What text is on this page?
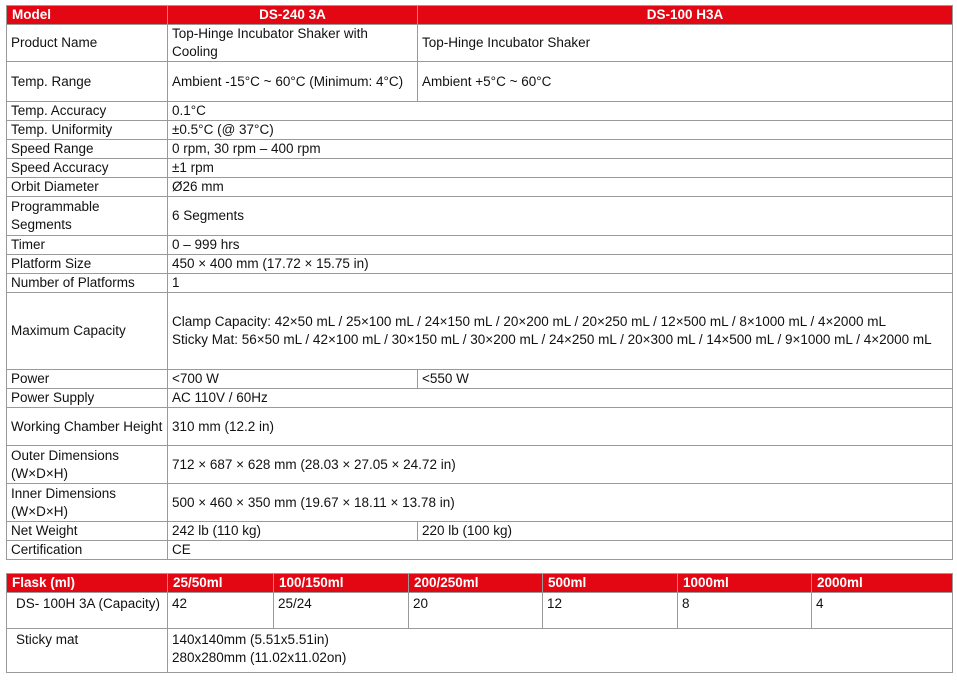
Model	DS-240 3A	DS-100 H3A
Product Name	Top-Hinge Incubator Shaker with Cooling	Top-Hinge Incubator Shaker
Temp. Range	Ambient -15°C ~ 60°C (Minimum: 4°C)	Ambient +5°C ~ 60°C
Temp. Accuracy	0.1°C	
Temp. Uniformity	±0.5°C (@ 37°C)	
Speed Range	0 rpm, 30 rpm – 400 rpm	
Speed Accuracy	±1 rpm	
Orbit Diameter	Ø26 mm	
Programmable Segments	6 Segments	
Timer	0 – 999 hrs	
Platform Size	450 × 400 mm (17.72 × 15.75 in)	
Number of Platforms	1	
Maximum Capacity	Clamp Capacity: 42×50 mL / 25×100 mL / 24×150 mL / 20×200 mL / 20×250 mL / 12×500 mL / 8×1000 mL / 4×2000 mL
Sticky Mat: 56×50 mL / 42×100 mL / 30×150 mL / 30×200 mL / 24×250 mL / 20×300 mL / 14×500 mL / 9×1000 mL / 4×2000 mL	

Power	<700 W	<550 W
Power Supply	AC 110V / 60Hz	
Working Chamber Height	310 mm (12.2 in)	
Outer Dimensions (W×D×H)	712 × 687 × 628 mm (28.03 × 27.05 × 24.72 in)	
Inner Dimensions (W×D×H)	500 × 460 × 350 mm (19.67 × 18.11 × 13.78 in)	
Net Weight	242 lb (110 kg)	220 lb (100 kg)
Certification	CE	
Flask (ml)	25/50ml	100/150ml	200/250ml	500ml	1000ml	2000ml
DS- 100H 3A (Capacity)	42	25/24	20	12	8	4
Sticky mat	140x140mm (5.51x5.51in)
280x280mm (11.02x11.02on)					
